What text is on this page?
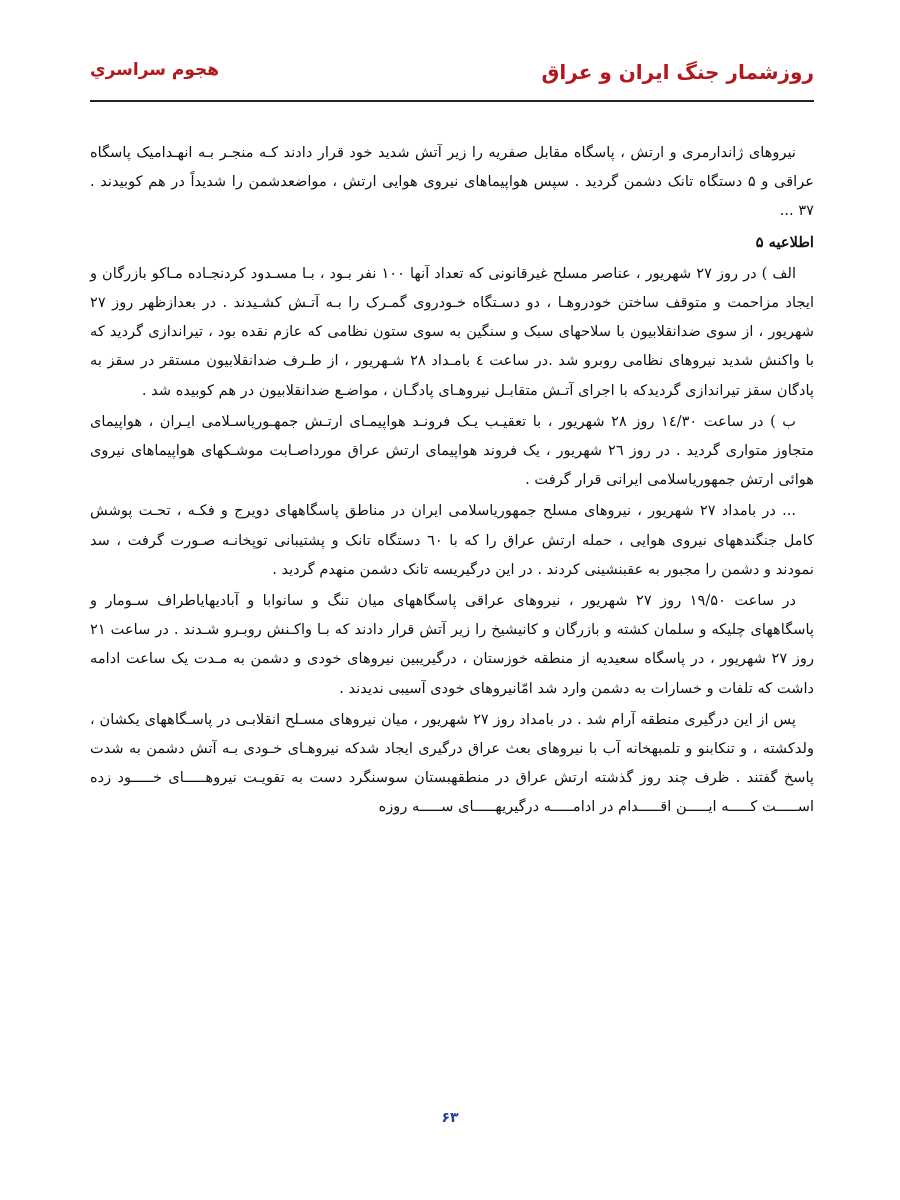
روزشمار جنگ ایران و عراق
هجوم سراسري

نیروهای ژاندارمری و ارتش ، پاسگاه مقابل صفریه را زیر آتش شدید خود قرار دادند كـه منجـر بـه انهـدامیک پاسگاه عراقی و ۵ دستگاه تانک دشمن گردید . سپس هواپیماهای نیروی هوایی ارتش ، مواضعدشمن را شدیداً در هم کوبیدند . ۳۷ ...

اطلاعیه ۵

الف ) در روز ۲۷ شهریور ، عناصر مسلح غیرقانونی که تعداد آنها ۱۰۰ نفر بـود ، بـا مسـدود کردنجـاده مـاکو بازرگان و ایجاد مزاحمت و متوقف ساختن خودروهـا ، دو دسـتگاه خـودروی گمـرک را بـه آتـش کشـیدند . در بعدازظهر روز ۲۷ شهریور ، از سوی ضدانقلابیون با سلاحهای سبک و سنگین به سوی ستون نظامی که عازم نقده بود ، تیراندازی گردید که با واکنش شدید نیروهای نظامی روبرو شد .در ساعت ٤ بامـداد ۲۸ شـهریور ، از طـرف ضدانقلابیون مستقر در سقز به پادگان سقز تیراندازی گردیدکه با اجرای آتـش متقابـل نیروهـای پادگـان ، مواضـع ضدانقلابیون در هم کوبیده شد .

ب ) در ساعت ۱٤/۳۰ روز ۲۸ شهریور ، با تعقیـب یـک فرونـد هواپیمـای ارتـش جمهـوریاسـلامی ایـران ، هواپیمای متجاوز متواری گردید . در روز ۲٦ شهریور ، یک فروند هواپیمای ارتش عراق مورداصـابت موشـکهای هواپیماهای نیروی هوائی ارتش جمهوریاسلامی ایرانی قرار گرفت .

... در بامداد ۲۷ شهریور ، نیروهای مسلح جمهوریاسلامی ایران در مناطق پاسگاههای دویرج و فکـه ، تحـت پوشش کامل جنگندههای نیروی هوایی ، حمله ارتش عراق را که با ٦۰ دستگاه تانک و پشتیبانی توپخانـه صـورت گرفت ، سد نمودند و دشمن را مجبور به عقبنشینی کردند . در این درگیریسه تانک دشمن منهدم گردید .

در ساعت ۱۹/۵۰ روز ۲۷ شهریور ، نیروهای عراقی پاسگاههای میان تنگ و سانوابا و آبادیهایاطراف سـومار و پاسگاههای چلیکه و سلمان کشته و بازرگان و کانیشیخ را زیر آتش قرار دادند که بـا واکـنش روبـرو شـدند . در ساعت ۲۱ روز ۲۷ شهریور ، در پاسگاه سعیدیه از منطقه خوزستان ، درگیریبین نیروهای خودی و دشمن به مـدت یک ساعت ادامه داشت که تلفات و خسارات به دشمن وارد شد امّانیروهای خودی آسیبی ندیدند .

پس از این درگیری منطقه آرام شد . در بامداد روز ۲۷ شهریور ، میان نیروهای مسـلح انقلابـی در پاسـگاههای یکشان ، ولدکشته ، و تنکابنو و تلمبهخانه آب با نیروهای بعث عراق درگیری ایجاد شدکه نیروهـای خـودی بـه آتش دشمن به شدت پاسخ گفتند . ظرف چند روز گذشته ارتش عراق در منطقهبستان سوسنگرد دست به تقویـت نیروهـــــای خـــــود زده اســـــت كـــــه ایـــــن اقـــــدام در ادامـــــه درگیریهـــــای ســـــه روزه

۶۳
